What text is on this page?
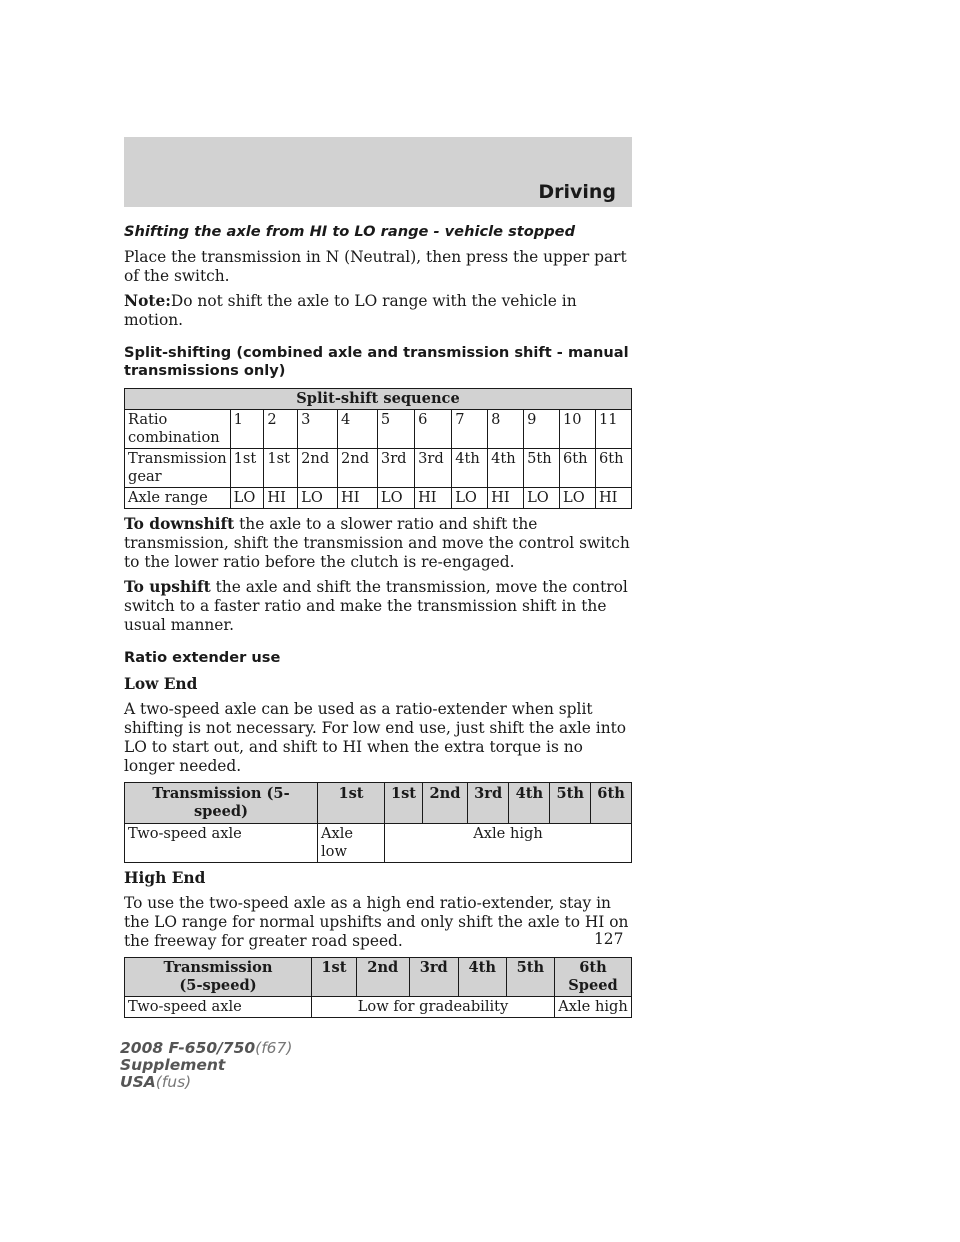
Driving
Shifting the axle from HI to LO range - vehicle stopped

Place the transmission in N (Neutral), then press the upper part of the switch.

Note:Do not shift the axle to LO range with the vehicle in motion.

Split-shifting (combined axle and transmission shift - manual transmissions only)
Split-shift sequence											
Ratio combination	1	2	3	4	5	6	7	8	9	10	11
Transmission gear	1st	1st	2nd	2nd	3rd	3rd	4th	4th	5th	6th	6th
Axle range	LO	HI	LO	HI	LO	HI	LO	HI	LO	LO	HI

To downshift the axle to a slower ratio and shift the transmission, shift the transmission and move the control switch to the lower ratio before the clutch is re-engaged.

To upshift the axle and shift the transmission, move the control switch to a faster ratio and make the transmission shift in the usual manner.

Ratio extender use
Low End

A two-speed axle can be used as a ratio-extender when split shifting is not necessary. For low end use, just shift the axle into LO to start out, and shift to HI when the extra torque is no longer needed.

Transmission (5-speed)	1st	1st	2nd	3rd	4th	5th	6th
Two-speed axle	Axle low	Axle high					
High End

To use the two-speed axle as a high end ratio-extender, stay in the LO range for normal upshifts and only shift the axle to HI on the freeway for greater road speed.

Transmission
(5-speed)	1st	2nd	3rd	4th	5th	6th
Speed
Two-speed axle	Low for gradeability					Axle high
127
2008 F-650/750(f67)
Supplement
USA(fus)
